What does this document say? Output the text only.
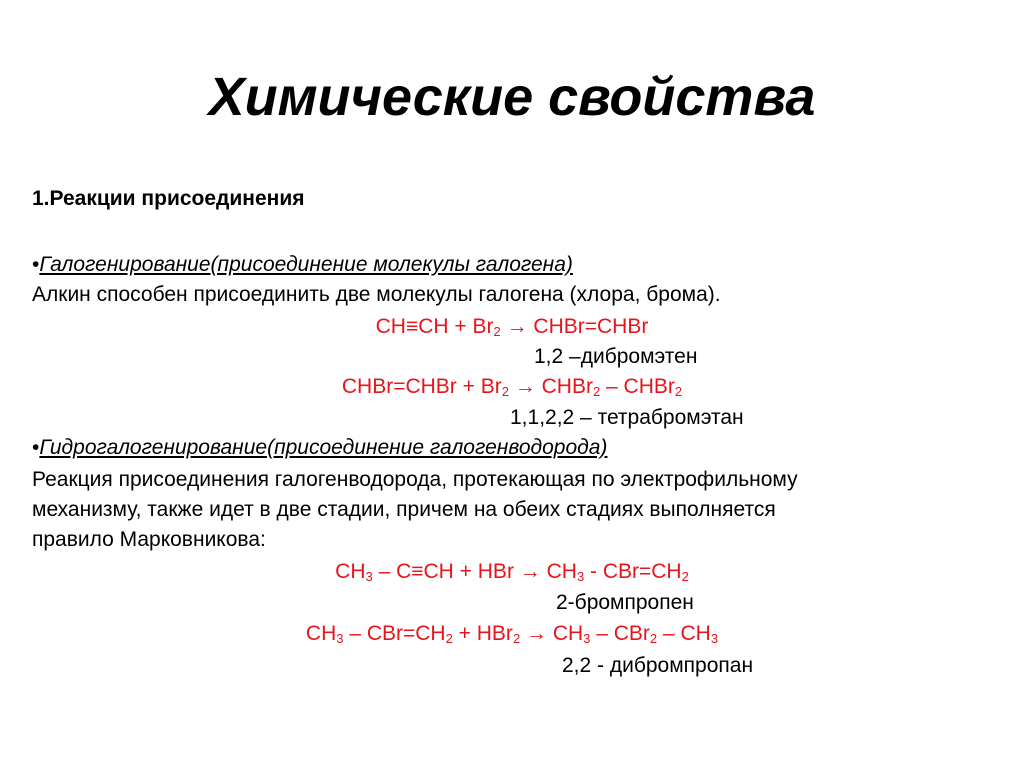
Химические свойства
1.Реакции присоединения
•Галогенирование(присоединение молекулы галогена)
Алкин способен присоединить две молекулы галогена (хлора, брома).
$CH\equiv CH + Br_2$ → CHBr=CHBr
1,2 –дибромэтен
CHBr=CHBr + $Br_2$ → CHBr$_2$ – CHBr$_2$
1,1,2,2 – тетрабромэтан
•Гидрогалогенирование(присоединение галогенводорода)
Реакция присоединения галогенводорода, протекающая по электрофильному
механизму, также идет в две стадии, причем на обеих стадиях выполняется
правило Марковникова:
$CH_3 - C\equiv CH$ + HBr → $CH_3 - CBr=CH_2$
2-бромпропен
$CH_3 - CBr=CH_2 + HBr_2 \to CH_3 - CBr_2 - CH_3$
2,2 - дибромпропан
